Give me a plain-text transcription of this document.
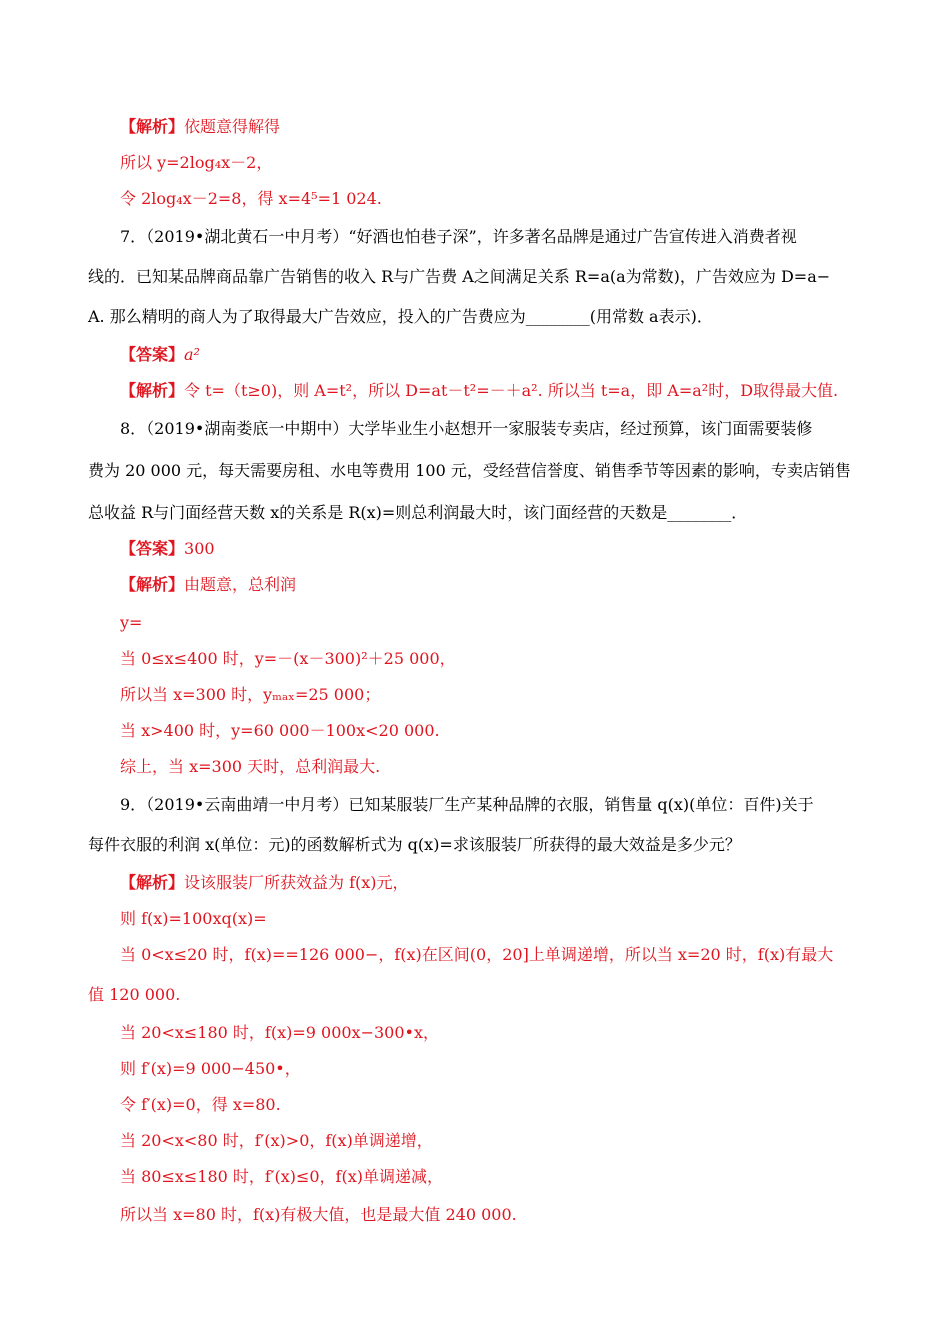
【解析】依题意得解得
所以 y=2log₄x－2，
令 2log₄x－2=8，得 x=4⁵=1 024.
7．（2019•湖北黄石一中月考）“好酒也怕巷子深”，许多著名品牌是通过广告宣传进入消费者视
线的．已知某品牌商品靠广告销售的收入 R与广告费 A之间满足关系 R=a(a为常数)，广告效应为 D=a−
A. 那么精明的商人为了取得最大广告效应，投入的广告费应为________(用常数 a表示)．
【答案】a²
【解析】令 t=（t≥0)，则 A=t²，所以 D=at－t²=－＋a². 所以当 t=a，即 A=a²时，D取得最大值.
8．（2019•湖南娄底一中期中）大学毕业生小赵想开一家服装专卖店，经过预算，该门面需要装修
费为 20 000 元，每天需要房租、水电等费用 100 元，受经营信誉度、销售季节等因素的影响，专卖店销售
总收益 R与门面经营天数 x的关系是 R(x)=则总利润最大时，该门面经营的天数是________．
【答案】300
【解析】由题意，总利润
y=
当 0≤x≤400 时，y=－(x－300)²＋25 000，
所以当 x=300 时，yₘₐₓ=25 000；
当 x>400 时，y=60 000－100x<20 000.
综上，当 x=300 天时，总利润最大.
9．（2019•云南曲靖一中月考）已知某服装厂生产某种品牌的衣服，销售量 q(x)(单位：百件)关于
每件衣服的利润 x(单位：元)的函数解析式为 q(x)=求该服装厂所获得的最大效益是多少元？
【解析】设该服装厂所获效益为 f(x)元，
则 f(x)=100xq(x)=
当 0<x≤20 时，f(x)==126 000−，f(x)在区间(0，20]上单调递增，所以当 x=20 时，f(x)有最大
值 120 000.
当 20<x≤180 时，f(x)=9 000x−300•x，
则 f′(x)=9 000−450•，
令 f′(x)=0，得 x=80.
当 20<x<80 时，f′(x)>0，f(x)单调递增，
当 80≤x≤180 时，f′(x)≤0，f(x)单调递减，
所以当 x=80 时，f(x)有极大值，也是最大值 240 000.
